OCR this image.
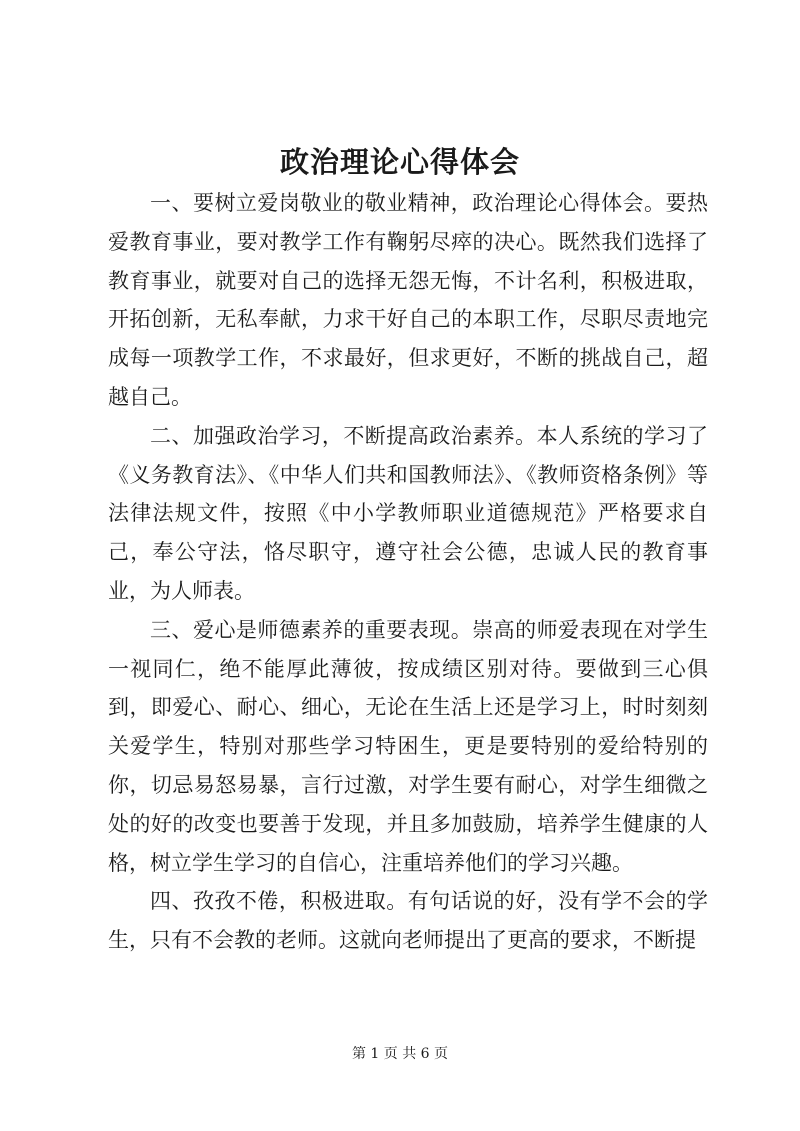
政治理论心得体会

一、要树立爱岗敬业的敬业精神，政治理论心得体会。要热爱教育事业，要对教学工作有鞠躬尽瘁的决心。既然我们选择了教育事业，就要对自己的选择无怨无悔，不计名利，积极进取，开拓创新，无私奉献，力求干好自己的本职工作，尽职尽责地完成每一项教学工作，不求最好，但求更好，不断的挑战自己，超越自己。

二、加强政治学习，不断提高政治素养。本人系统的学习了《义务教育法》、《中华人们共和国教师法》、《教师资格条例》等法律法规文件，按照《中小学教师职业道德规范》严格要求自己，奉公守法，恪尽职守，遵守社会公德，忠诚人民的教育事业，为人师表。

三、爱心是师德素养的重要表现。崇高的师爱表现在对学生一视同仁，绝不能厚此薄彼，按成绩区别对待。要做到三心俱到，即爱心、耐心、细心，无论在生活上还是学习上，时时刻刻关爱学生，特别对那些学习特困生，更是要特别的爱给特别的你，切忌易怒易暴，言行过激，对学生要有耐心，对学生细微之处的好的改变也要善于发现，并且多加鼓励，培养学生健康的人格，树立学生学习的自信心，注重培养他们的学习兴趣。

四、孜孜不倦，积极进取。有句话说的好，没有学不会的学生，只有不会教的老师。这就向老师提出了更高的要求，不断提

第 1 页 共 6 页
